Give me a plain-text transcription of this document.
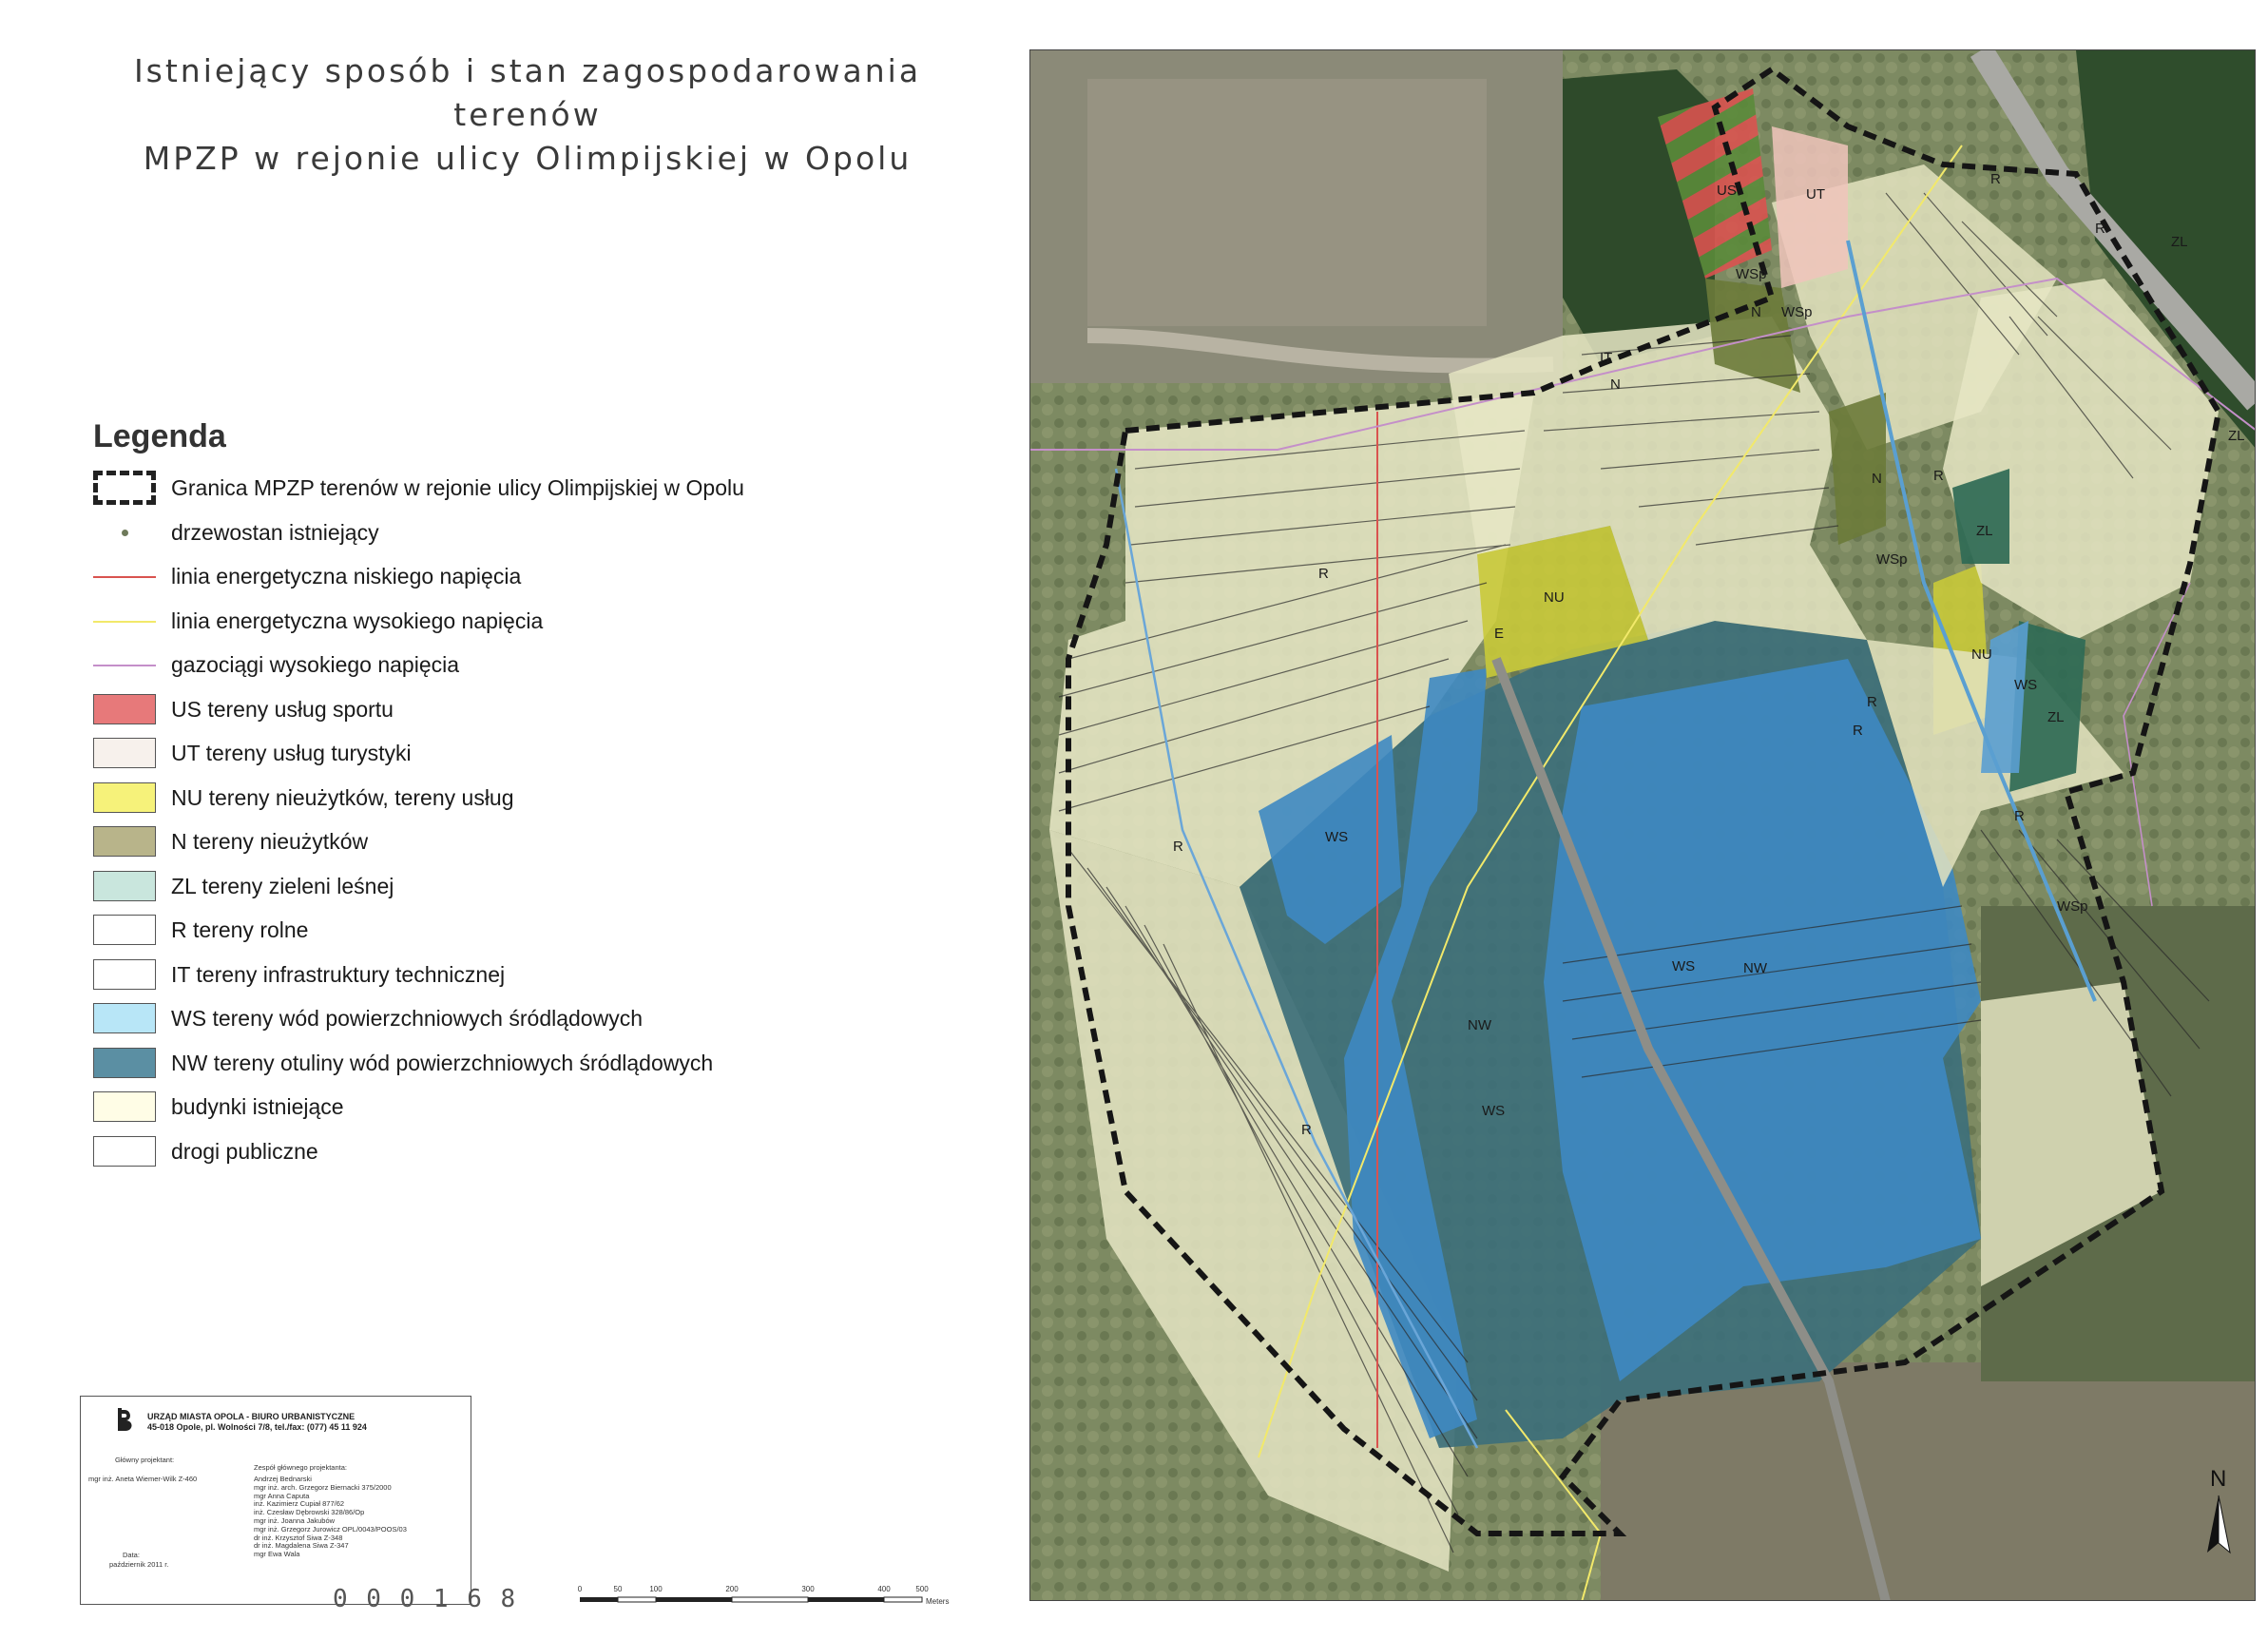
Istniejący sposób i stan zagospodarowania terenów
MPZP w rejonie ulicy Olimpijskiej w Opolu
Legenda
Granica MPZP terenów w rejonie ulicy Olimpijskiej w Opolu
drzewostan istniejący
linia energetyczna niskiego napięcia
linia energetyczna wysokiego napięcia
gazociągi wysokiego napięcia
US tereny usług sportu
UT tereny usług turystyki
NU tereny nieużytków, tereny usług
N tereny nieużytków
ZL tereny zieleni leśnej
R tereny rolne
IT tereny infrastruktury technicznej
WS tereny wód powierzchniowych śródlądowych
NW tereny otuliny wód powierzchniowych śródlądowych
budynki istniejące
drogi publiczne
URZĄD MIASTA OPOLA - BIURO URBANISTYCZNE
45-018 Opole, pl. Wolności 7/8, tel./fax: (077) 45 11 924
Główny projektant:
mgr inż. Aneta Wiemer-Wilk Z-460
Zespół głównego projektanta:
Andrzej Bednarski
mgr inż. arch. Grzegorz Biernacki 375/2000
mgr Anna Caputa
inż. Kazimierz Cupiał 877/62
inż. Czesław Dębrowski 328/86/Op
mgr inż. Joanna Jakubów
mgr inż. Grzegorz Jurowicz OPL/0043/POOS/03
dr inż. Krzysztof Siwa Z-348
dr inż. Magdalena Siwa Z-347
mgr Ewa Wala
Data:
październik 2011 r.
0 0 0 1 6 8	0	50	100	200	300	400	500
Meters
US	UT
WSp
N WSp
R
R
ZL
IT
N
ZL
N	R
ZL
WSp
R
NU
E
R
NU
WS
ZL
R
R
WSp
WS
R
WS	NW
NW
WS
R
N
